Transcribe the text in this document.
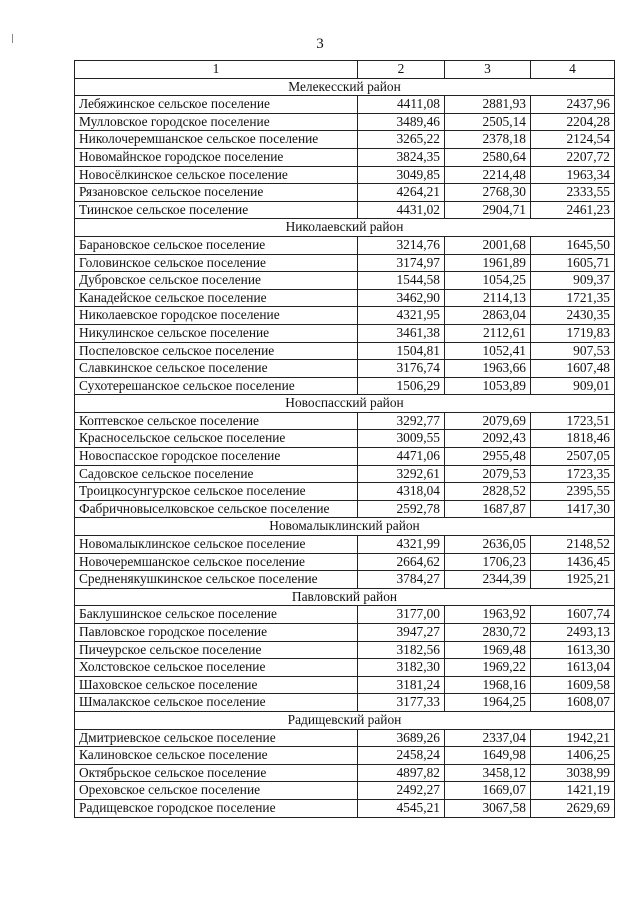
3
1	2	3	4
Мелекесский район			
Лебяжинское сельское поселение	4411,08	2881,93	2437,96
Мулловское городское поселение	3489,46	2505,14	2204,28
Николочеремшанское сельское поселение	3265,22	2378,18	2124,54
Новомайнское городское поселение	3824,35	2580,64	2207,72
Новосёлкинское сельское поселение	3049,85	2214,48	1963,34
Рязановское сельское поселение	4264,21	2768,30	2333,55
Тиинское сельское поселение	4431,02	2904,71	2461,23
Николаевский район			
Барановское сельское поселение	3214,76	2001,68	1645,50
Головинское сельское поселение	3174,97	1961,89	1605,71
Дубровское сельское поселение	1544,58	1054,25	909,37
Канадейское сельское поселение	3462,90	2114,13	1721,35
Николаевское городское поселение	4321,95	2863,04	2430,35
Никулинское сельское поселение	3461,38	2112,61	1719,83
Поспеловское сельское поселение	1504,81	1052,41	907,53
Славкинское сельское поселение	3176,74	1963,66	1607,48
Сухотерешанское сельское поселение	1506,29	1053,89	909,01
Новоспасский район			
Коптевское сельское поселение	3292,77	2079,69	1723,51
Красносельское сельское поселение	3009,55	2092,43	1818,46
Новоспасское городское поселение	4471,06	2955,48	2507,05
Садовское сельское поселение	3292,61	2079,53	1723,35
Троицкосунгурское сельское поселение	4318,04	2828,52	2395,55
Фабричновыселковское сельское поселение	2592,78	1687,87	1417,30
Новомалыклинский район			
Новомалыклинское сельское поселение	4321,99	2636,05	2148,52
Новочеремшанское сельское поселение	2664,62	1706,23	1436,45
Средненякушкинское сельское поселение	3784,27	2344,39	1925,21
Павловский район			
Баклушинское сельское поселение	3177,00	1963,92	1607,74
Павловское городское поселение	3947,27	2830,72	2493,13
Пичеурское сельское поселение	3182,56	1969,48	1613,30
Холстовское сельское поселение	3182,30	1969,22	1613,04
Шаховское сельское поселение	3181,24	1968,16	1609,58
Шмалакское сельское поселение	3177,33	1964,25	1608,07
Радищевский район			
Дмитриевское сельское поселение	3689,26	2337,04	1942,21
Калиновское сельское поселение	2458,24	1649,98	1406,25
Октябрьское сельское поселение	4897,82	3458,12	3038,99
Ореховское сельское поселение	2492,27	1669,07	1421,19
Радищевское городское поселение	4545,21	3067,58	2629,69
